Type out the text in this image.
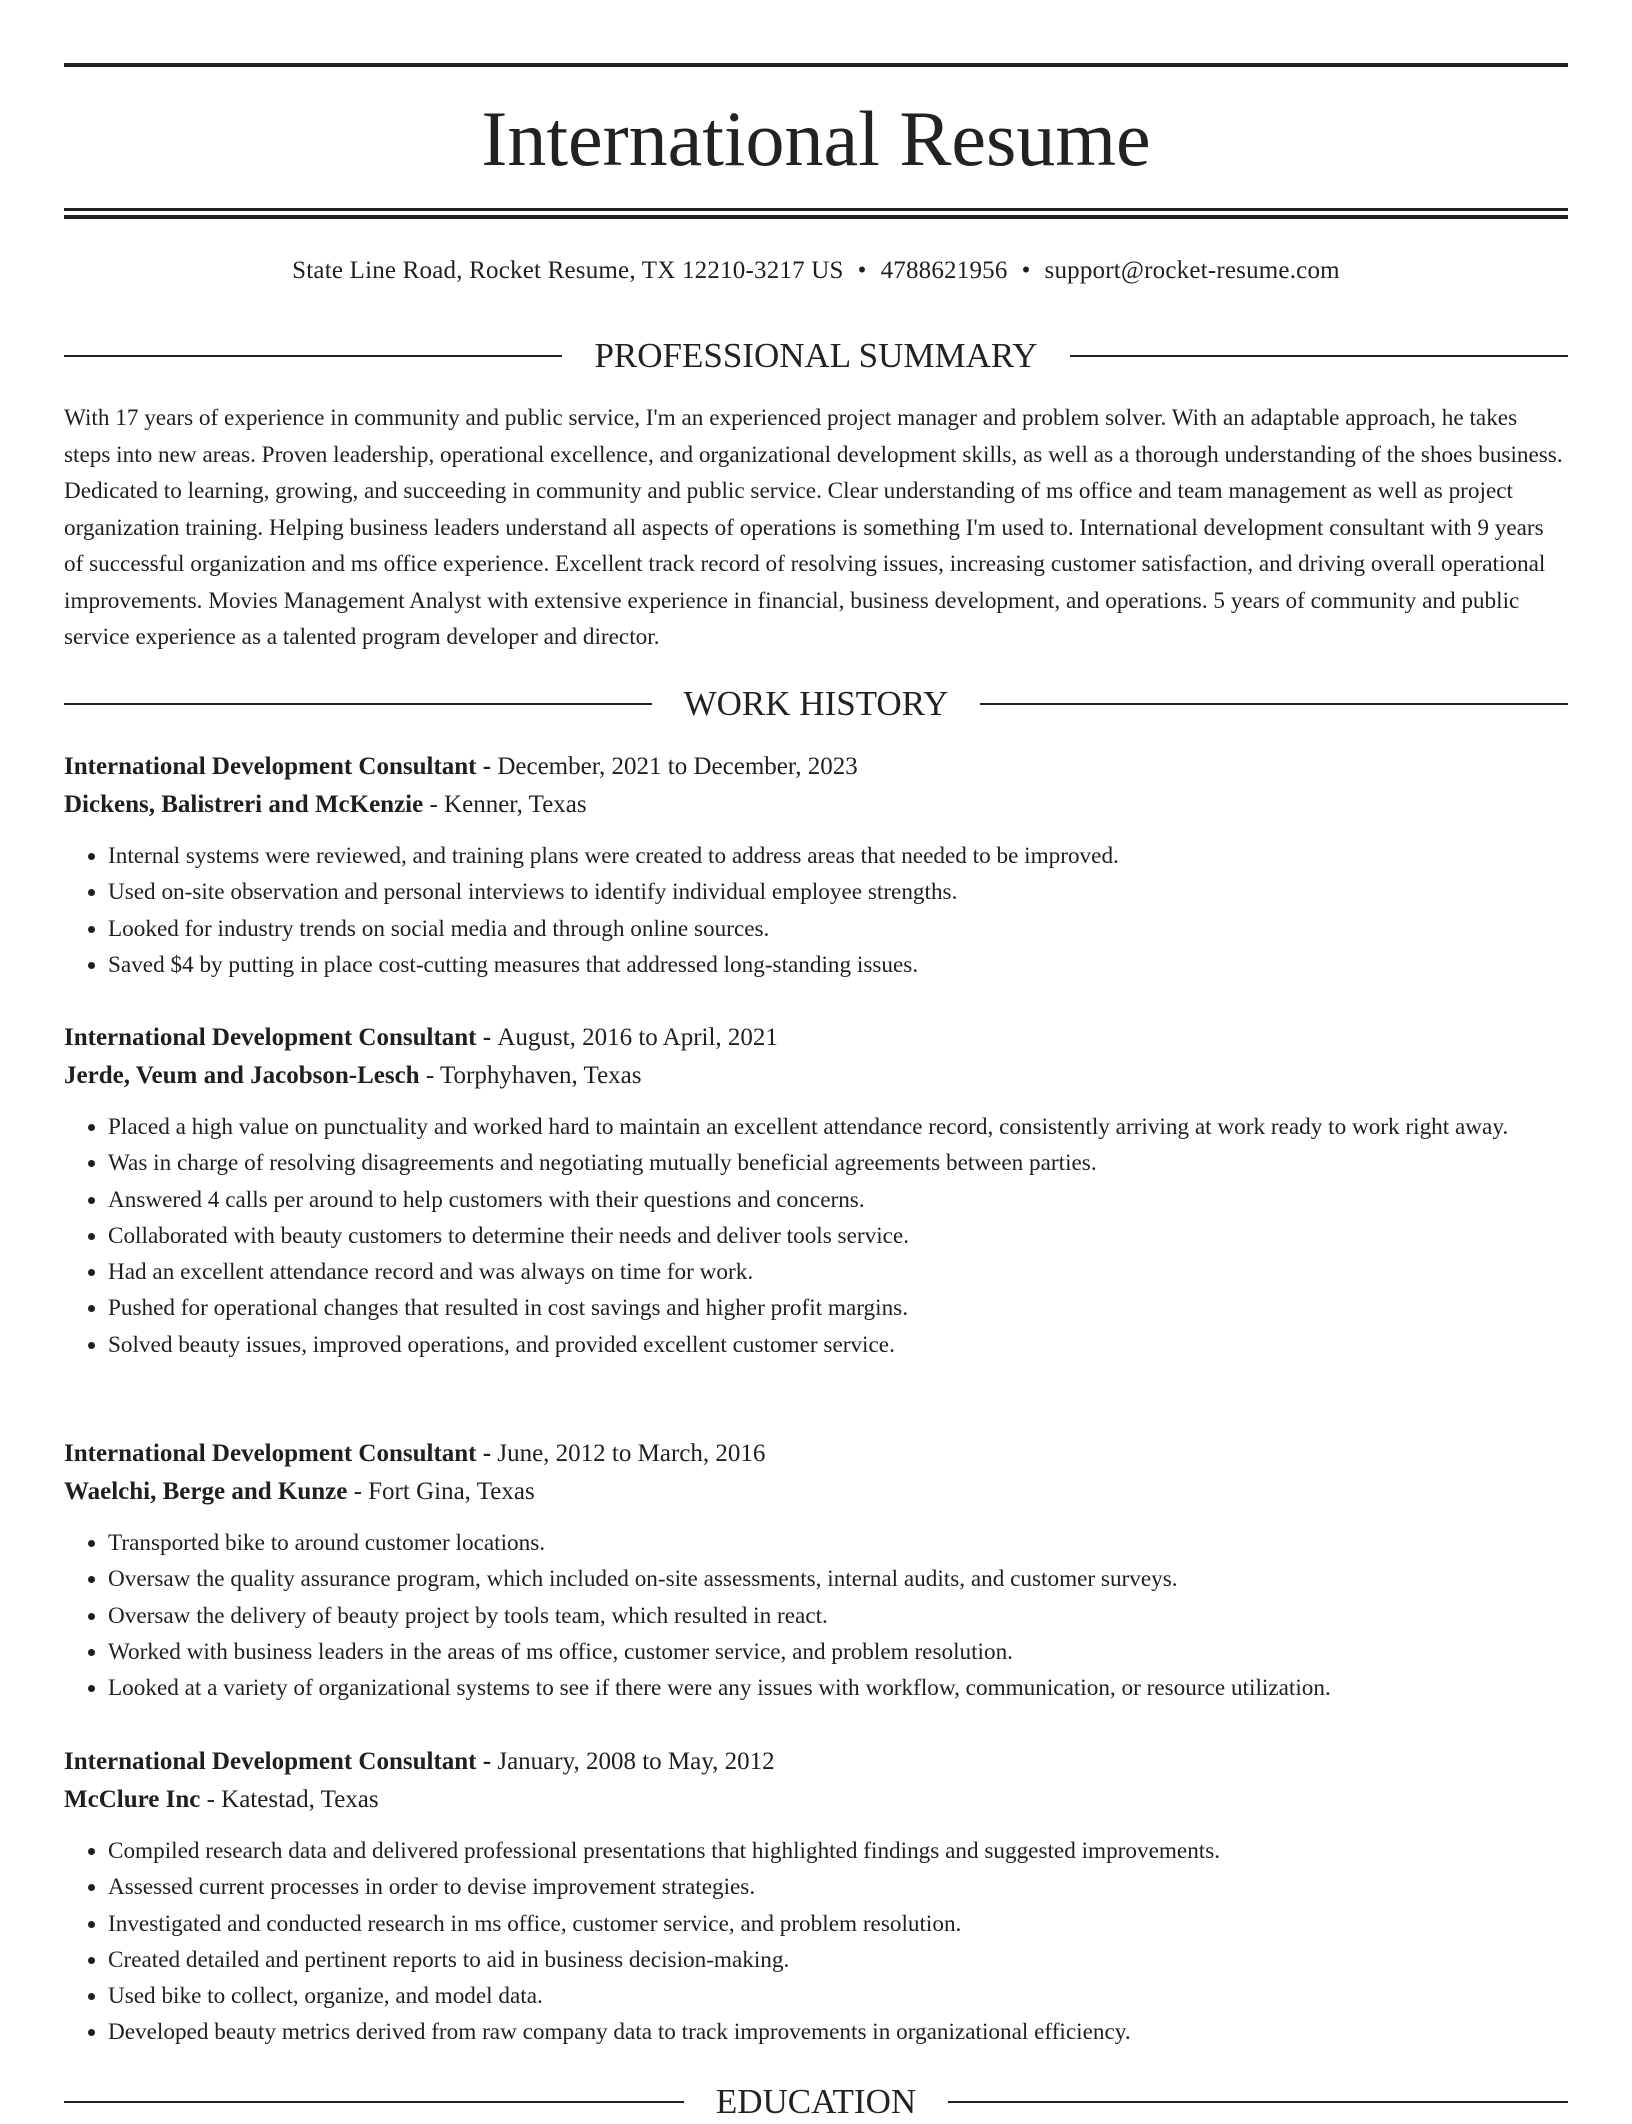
International Resume
State Line Road, Rocket Resume, TX 12210-3217 US • 4788621956 • support@rocket-resume.com
PROFESSIONAL SUMMARY

With 17 years of experience in community and public service, I'm an experienced project manager and problem solver. With an adaptable approach, he takes steps into new areas. Proven leadership, operational excellence, and organizational development skills, as well as a thorough understanding of the shoes business. Dedicated to learning, growing, and succeeding in community and public service. Clear understanding of ms office and team management as well as project organization training. Helping business leaders understand all aspects of operations is something I'm used to. International development consultant with 9 years of successful organization and ms office experience. Excellent track record of resolving issues, increasing customer satisfaction, and driving overall operational improvements. Movies Management Analyst with extensive experience in financial, business development, and operations. 5 years of community and public service experience as a talented program developer and director.

WORK HISTORY

International Development Consultant - December, 2021 to December, 2023

Dickens, Balistreri and McKenzie - Kenner, Texas

• Internal systems were reviewed, and training plans were created to address areas that needed to be improved.
• Used on-site observation and personal interviews to identify individual employee strengths.
• Looked for industry trends on social media and through online sources.
• Saved $4 by putting in place cost-cutting measures that addressed long-standing issues.

International Development Consultant - August, 2016 to April, 2021

Jerde, Veum and Jacobson-Lesch - Torphyhaven, Texas

• Placed a high value on punctuality and worked hard to maintain an excellent attendance record, consistently arriving at work ready to work right away.
• Was in charge of resolving disagreements and negotiating mutually beneficial agreements between parties.
• Answered 4 calls per around to help customers with their questions and concerns.
• Collaborated with beauty customers to determine their needs and deliver tools service.
• Had an excellent attendance record and was always on time for work.
• Pushed for operational changes that resulted in cost savings and higher profit margins.
• Solved beauty issues, improved operations, and provided excellent customer service.

International Development Consultant - June, 2012 to March, 2016

Waelchi, Berge and Kunze - Fort Gina, Texas

• Transported bike to around customer locations.
• Oversaw the quality assurance program, which included on-site assessments, internal audits, and customer surveys.
• Oversaw the delivery of beauty project by tools team, which resulted in react.
• Worked with business leaders in the areas of ms office, customer service, and problem resolution.
• Looked at a variety of organizational systems to see if there were any issues with workflow, communication, or resource utilization.

International Development Consultant - January, 2008 to May, 2012

McClure Inc - Katestad, Texas

• Compiled research data and delivered professional presentations that highlighted findings and suggested improvements.
• Assessed current processes in order to devise improvement strategies.
• Investigated and conducted research in ms office, customer service, and problem resolution.
• Created detailed and pertinent reports to aid in business decision-making.
• Used bike to collect, organize, and model data.
• Developed beauty metrics derived from raw company data to track improvements in organizational efficiency.
EDUCATION
